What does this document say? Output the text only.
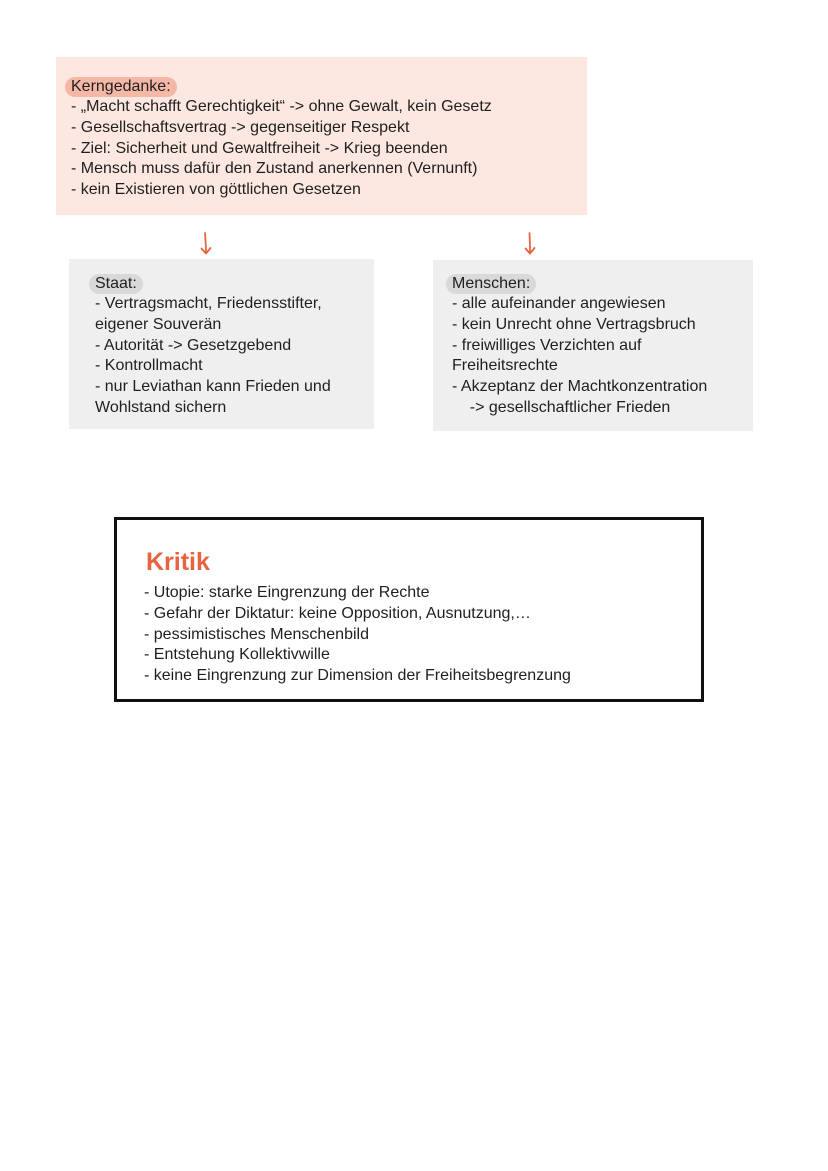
Kerngedanke:
- „Macht schafft Gerechtigkeit“ -> ohne Gewalt, kein Gesetz
- Gesellschaftsvertrag -> gegenseitiger Respekt
- Ziel: Sicherheit und Gewaltfreiheit -> Krieg beenden
- Mensch muss dafür den Zustand anerkennen (Vernunft)
- kein Existieren von göttlichen Gesetzen
Staat:
- Vertragsmacht, Friedensstifter,
eigener Souverän
- Autorität -> Gesetzgebend
- Kontrollmacht
- nur Leviathan kann Frieden und
Wohlstand sichern
Menschen:
- alle aufeinander angewiesen
- kein Unrecht ohne Vertragsbruch
- freiwilliges Verzichten auf
Freiheitsrechte
- Akzeptanz der Machtkonzentration
-> gesellschaftlicher Frieden
Kritik
- Utopie: starke Eingrenzung der Rechte
- Gefahr der Diktatur: keine Opposition, Ausnutzung,…
- pessimistisches Menschenbild
- Entstehung Kollektivwille
- keine Eingrenzung zur Dimension der Freiheitsbegrenzung
